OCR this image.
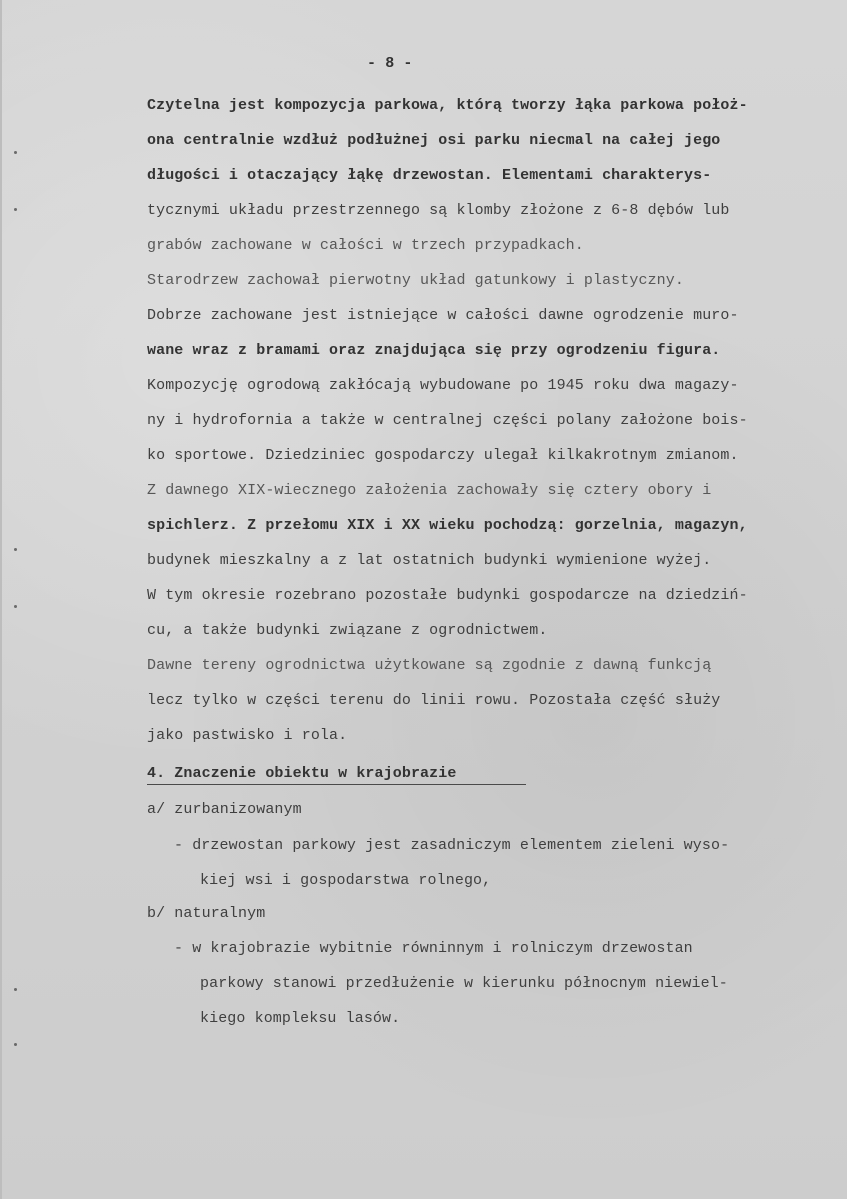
- 8 -
Czytelna jest kompozycja parkowa, którą tworzy łąka parkowa położ-
ona centralnie wzdłuż podłużnej osi parku niecmal na całej jego
długości i otaczający łąkę drzewostan. Elementami charakterys-
tycznymi układu przestrzennego są klomby złożone z 6-8 dębów lub
grabów zachowane w całości w trzech przypadkach.
Starodrzew zachował pierwotny układ gatunkowy i plastyczny.
Dobrze zachowane jest istniejące w całości dawne ogrodzenie muro-
wane wraz z bramami oraz znajdująca się przy ogrodzeniu figura.
Kompozycję ogrodową zakłócają wybudowane po 1945 roku dwa magazy-
ny i hydrofornia a także w centralnej części polany założone bois-
ko sportowe. Dziedziniec gospodarczy ulegał kilkakrotnym zmianom.
Z dawnego XIX-wiecznego założenia zachowały się cztery obory i
spichlerz. Z przełomu XIX i XX wieku pochodzą: gorzelnia, magazyn,
budynek mieszkalny a z lat ostatnich budynki wymienione wyżej.
W tym okresie rozebrano pozostałe budynki gospodarcze na dziedziń-
cu, a także budynki związane z ogrodnictwem.
Dawne tereny ogrodnictwa użytkowane są zgodnie z dawną funkcją
lecz tylko w części terenu do linii rowu. Pozostała część służy
jako pastwisko i rola.
4. Znaczenie obiektu w krajobrazie
a/ zurbanizowanym
- drzewostan parkowy jest zasadniczym elementem zieleni wyso-
kiej wsi i gospodarstwa rolnego,
b/ naturalnym
- w krajobrazie wybitnie równinnym i rolniczym drzewostan
parkowy stanowi przedłużenie w kierunku północnym niewiel-
kiego kompleksu lasów.
